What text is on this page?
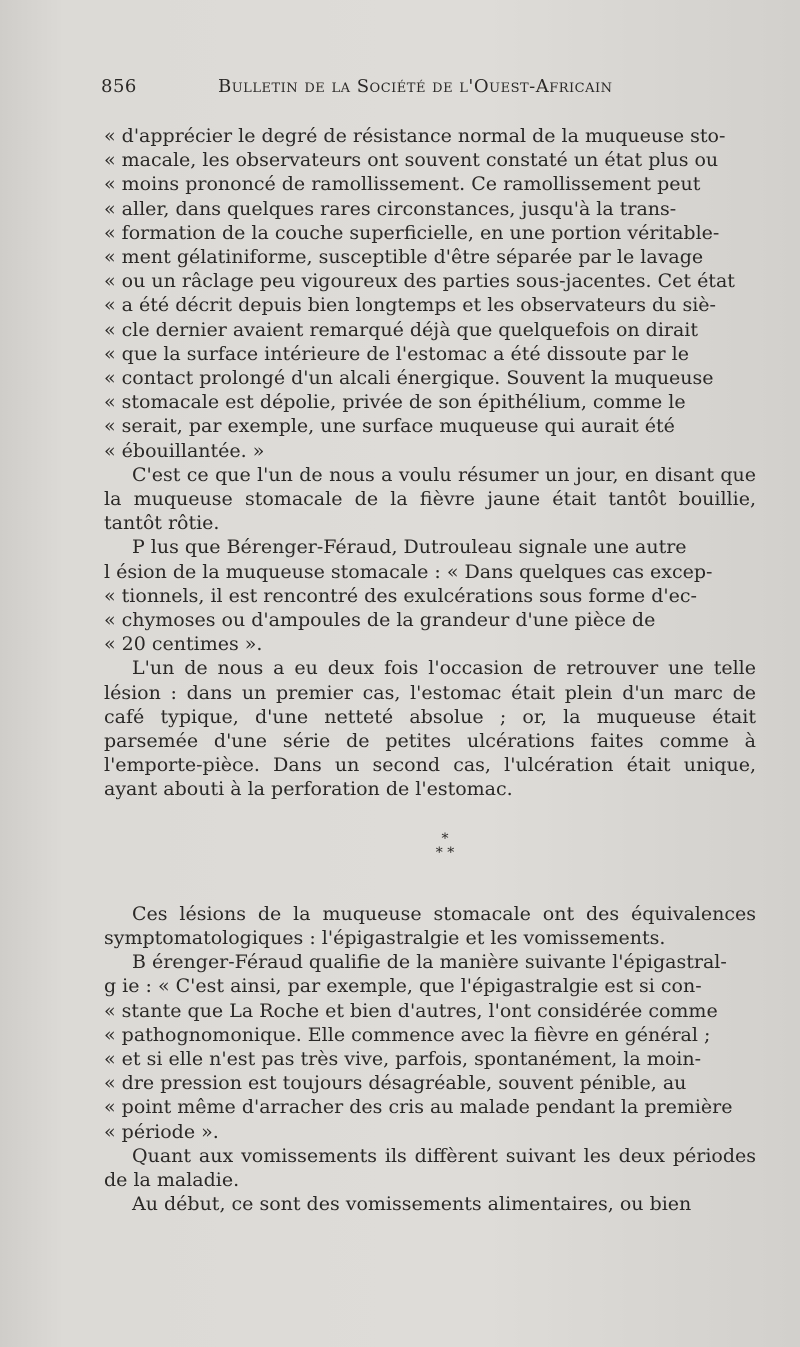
856	Bulletin de la Société de l'Ouest-Africain

« d'apprécier le degré de résistance normal de la muqueuse sto-
« macale, les observateurs ont souvent constaté un état plus ou
« moins prononcé de ramollissement. Ce ramollissement peut
« aller, dans quelques rares circonstances, jusqu'à la trans-
« formation de la couche superficielle, en une portion véritable-
« ment gélatiniforme, susceptible d'être séparée par le lavage
« ou un râclage peu vigoureux des parties sous-jacentes. Cet état
« a été décrit depuis bien longtemps et les observateurs du siè-
« cle dernier avaient remarqué déjà que quelquefois on dirait
« que la surface intérieure de l'estomac a été dissoute par le
« contact prolongé d'un alcali énergique. Souvent la muqueuse
« stomacale est dépolie, privée de son épithélium, comme le
« serait, par exemple, une surface muqueuse qui aurait été
« ébouillantée. »

C'est ce que l'un de nous a voulu résumer un jour, en disant que la muqueuse stomacale de la fièvre jaune était tantôt bouillie, tantôt rôtie.

Plus que Bérenger-Féraud, Dutrouleau signale une autre
lésion de la muqueuse stomacale : « Dans quelques cas excep-
« tionnels, il est rencontré des exulcérations sous forme d'ec-
« chymoses ou d'ampoules de la grandeur d'une pièce de
« 20 centimes ».

L'un de nous a eu deux fois l'occasion de retrouver une telle lésion : dans un premier cas, l'estomac était plein d'un marc de café typique, d'une netteté absolue ; or, la muqueuse était parsemée d'une série de petites ulcérations faites comme à l'emporte-pièce. Dans un second cas, l'ulcération était unique, ayant abouti à la perforation de l'estomac.

*
* *

Ces lésions de la muqueuse stomacale ont des équivalences symptomatologiques : l'épigastralgie et les vomissements.

Bérenger-Féraud qualifie de la manière suivante l'épigastral-
gie : « C'est ainsi, par exemple, que l'épigastralgie est si con-
« stante que La Roche et bien d'autres, l'ont considérée comme
« pathognomonique. Elle commence avec la fièvre en général ;
« et si elle n'est pas très vive, parfois, spontanément, la moin-
« dre pression est toujours désagréable, souvent pénible, au
« point même d'arracher des cris au malade pendant la première
« période ».

Quant aux vomissements ils diffèrent suivant les deux périodes de la maladie.

Au début, ce sont des vomissements alimentaires, ou bien
